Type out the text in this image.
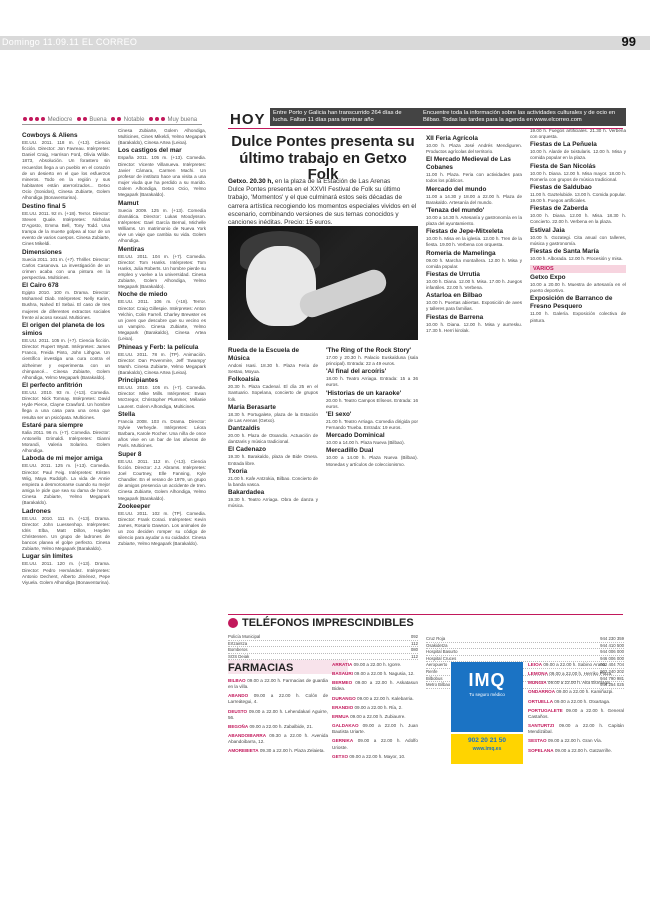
Domingo 11.09.11 EL CORREO	99
Mediocre	Buena	Notable	Muy buena
Cowboys & Aliens
EE.UU. 2011. 118 m. (+13). Ciencia ficción. Director: Jon Favreau. Intérpretes: Daniel Craig, Harrison Ford, Olivia Wilde. 1873, Absolución. Un forastero sin recuerdos llega a un pueblo en el corazón de un desierto en el que los esfuerzos mineros. Todo en la región y sus habitantes están aterrorizados... Getxo Ocio (Sonidos), Cinesa Zubiarte, Golem Alhondiga (Bonaventurina).
Destino final 5
EE.UU. 2011. 92 m. (+18). Terror. Director: Steven Quale. Intérpretes: Nicholas D'Agosto, Emma Bell, Tony Todd. Una trampa de la muerte golpea al tour de un evento de varios cuerpos. Cinesa Zubiarte, Cines Mikeldi.
Dimensiones
Suecia 2011. 101 m. (+7). Thriller. Director: Carlos Casanova. La investigación de un crimen acaba con una pintura en la perspectiva. Multicines.
El Cairo 678
Egipto 2010. 100 m. Drama. Director: Mohamed Diab. Intérpretes: Nelly Karim, Bushra, Nahed El Sebai. El caso de tres mujeres de diferentes extractos sociales frente al acoso sexual. Multicines.
El origen del planeta de los simios
EE.UU. 2011. 105 m. (+7). Ciencia ficción. Director: Rupert Wyatt. Intérpretes: James Franco, Freida Pinto, John Lithgow. Un científico investiga una cura contra el alzheimer y experimenta con un chimpancé... Cinesa Zubiarte, Golem Alhondiga, Yelmo Megapark (Barakaldo).
El perfecto anfitrión
EE.UU. 2010. 93 m. (+13). Comedia. Director: Nick Tomnay. Intérpretes: David Hyde Pierce, Clayne Crawford. Un hombre llega a una casa para una cena que resulta ser un psicópata. Multicines.
Estaré para siempre
Italia 2011. 96 m. (+7). Comedia. Director: Antonello Grimaldi. Intérpretes: Gianni Morandi, Valeria Solarino. Golem Alhondiga.
Laboda de mi mejor amiga
EE.UU. 2011. 125 m. (+13). Comedia. Director: Paul Feig. Intérpretes: Kristen Wiig, Maya Rudolph. La vida de Annie empieza a desmoronarse cuando su mejor amiga le pide que sea su dama de honor. Cinesa Zubiarte, Yelmo Megapark (Barakaldo).
Ladrones
EE.UU. 2010. 111 m. (+13). Drama. Director: John Luessenhop. Intérpretes: Idris Elba, Matt Dillon, Hayden Christensen. Un grupo de ladrones de bancos planea el golpe perfecto. Cinesa Zubiarte, Yelmo Megapark (Barakaldo).
Lugar sin límites
EE.UU. 2011. 120 m. (+13). Drama. Director: Pedro Hernández. Intérpretes: Antonio Dechent, Alberto Jiménez, Pepe Viyuela. Golem Alhondiga (Bonaventurina).
Cinesa Zubiarte, Golem Alhondiga, Multicines, Cines Mikeldi, Yelmo Megapark (Barakaldo), Cinesa Artea (Leioa).
Los castigos del mar
España 2011. 105 m. (+13). Comedia. Director: Vicente Villanueva. Intérpretes: Javier Cámara, Carmen Machi. Un profesor de instituto hace una visita a una mujer viuda que ha perdido a su marido. Golem Alhondiga, Getxo Ocio, Yelmo Megapark (Barakaldo).
Mamut
Suecia 2009. 125 m. (+13). Comedia dramática. Director: Lukas Moodysson. Intérpretes: Gael García Bernal, Michelle Williams. Un matrimonio de Nueva York vive un viaje que cambia su vida. Golem Alhondiga.
Mentiras
EE.UU. 2011. 104 m. (+7). Comedia. Director: Tom Hanks. Intérpretes: Tom Hanks, Julia Roberts. Un hombre pierde su empleo y vuelve a la universidad. Cinesa Zubiarte, Golem Alhondiga, Yelmo Megapark (Barakaldo).
Noche de miedo
EE.UU. 2011. 106 m. (+18). Terror. Director: Craig Gillespie. Intérpretes: Anton Yelchin, Colin Farrell. Charley Brewster es un joven que descubre que su vecino es un vampiro. Cinesa Zubiarte, Yelmo Megapark (Barakaldo), Cinesa Artea (Leioa).
Phineas y Ferb: la película
EE.UU. 2011. 78 m. (TP). Animación. Director: Dan Povenmire, Jeff 'Swampy' Marsh. Cinesa Zubiarte, Yelmo Megapark (Barakaldo), Cinesa Artea (Leioa).
Principiantes
EE.UU. 2010. 105 m. (+7). Comedia. Director: Mike Mills. Intérpretes: Ewan McGregor, Christopher Plummer, Mélanie Laurent. Golem Alhondiga, Multicines.
Stella
Francia 2008. 103 m. Drama. Director: Sylvie Verheyde. Intérpretes: Léora Barbara, Karole Rocher. Una niña de once años vive en un bar de las afueras de París. Multicines.
Super 8
EE.UU. 2011. 112 m. (+13). Ciencia ficción. Director: J.J. Abrams. Intérpretes: Joel Courtney, Elle Fanning, Kyle Chandler. En el verano de 1979, un grupo de amigos presencia un accidente de tren. Cinesa Zubiarte, Golem Alhondiga, Yelmo Megapark (Barakaldo).
Zookeeper
EE.UU. 2011. 102 m. (TP). Comedia. Director: Frank Coraci. Intérpretes: Kevin James, Rosario Dawson. Los animales de un zoo deciden romper su código de silencio para ayudar a su cuidador. Cinesa Zubiarte, Yelmo Megapark (Barakaldo).
HOY	Entre Porto y Galicia han transcurrido 264 días de lucha. Faltan 11 días para terminar año
Encuentre toda la información sobre las actividades culturales y de ocio en Bilbao. Todas las tardes para la agenda en www.elcorreo.com
Dulce Pontes presenta su último trabajo en Getxo Folk
Getxo. 20.30 h, en la plaza de la Estación de Las Arenas
Dulce Pontes presenta en el XXVII Festival de Folk su último trabajo, 'Momentos' y el que culminará estos seis décadas de carrera artística recogiendo los momentos especiales vividos en el escenario, combinando versiones de sus temas conocidos y canciones inéditas. Precio: 15 euros.
Rueda de la Escuela de Música
Andoni Isasi. 18.30 h. Plaza Feria de Sestao, Moyua.
Folkoalsia
20.30 h. Plaza Cadenal. El día 25 en el Santuario. Sopelana, concierto de grupos folk.
María Berasarte
18.30 h. Portugalete, plaza de la Estación de Las Arenas (Getxo).
Dantzaldis
20.00 h. Plaza de Otxandio. Actuación de dantzaris y música tradicional.
El Cadenazo
19.30 h. Barakaldo, plaza de Bide Onera. Entrada libre.
Txoria
21.00 h. Kafe Antzokia, Bilbao. Concierto de la banda vasca.
Bakardadea
19.30 h. Teatro Arriaga. Obra de danza y música.
'The Ring of the Rock Story'
17.00 y 20.30 h. Palacio Euskalduna (sala principal). Entrada: 22 a 49 euros.
'Al final del arcoíris'
18.00 h. Teatro Arriaga. Entrada: 15 a 36 euros.
'Historias de un karaoke'
20.00 h. Teatro Campos Elíseos. Entrada: 16 euros.
'El sexo'
21.00 h. Teatro Arriaga. Comedia dirigida por Fernando Trueba. Entrada: 19 euros.
Mercado Dominical
10.00 a 14.00 h. Plaza Nueva (Bilbao).
Mercadillo Dual
10.00 a 14.00 h. Plaza Nueva (Bilbao). Monedas y artículos de coleccionismo.
XII Feria Agrícola
10.00 h. Plaza José Andrés Mendiguren. Productos agrícolas del territorio.
El Mercado Medieval de Las Cobanes
11.00 h. Plaza. Feria con actividades para todos los públicos.
Mercado del mundo
11.00 a 14.30 y 18.00 a 22.00 h. Plaza de Barakaldo. Artesanía del mundo.
'Tenaza del mundo'
10.00 a 14.30 h. Artesanía y gastronomía en la plaza del ayuntamiento.
Fiestas de Jepe-Mitxeleta
10.00 h. Misa en la iglesia. 12.00 h. Tren de la fiesta. 19.00 h. Verbena con orquesta.
Romeria de Mamelinga
09.00 h. Marcha montañera. 12.00 h. Misa y comida popular.
Fiestas de Urrutia
10.00 h. Diana. 12.00 h. Misa. 17.00 h. Juegos infantiles. 22.00 h. Verbena.
Astarloa en Bilbao
10.00 h. Puertas abiertas. Exposición de aves y talleres para familias.
Fiestas de Barrena
10.00 h. Diana. 12.00 h. Misa y aurresku. 17.30 h. Herri kirolak.
19.00 h. Fuegos artificiales. 21.30 h. Verbena con orquesta.
Fiestas de La Peñuela
10.00 h. Alarde de txistularis. 12.00 h. Misa y comida popular en la plaza.
Fiesta de San Nicolás
10.00 h. Diana. 12.00 h. Misa mayor. 18.00 h. Romería con grupos de música tradicional.
Fiestas de Saldubao
11.00 h. Gaztelubide. 13.00 h. Comida popular. 19.00 h. Fuegos artificiales.
Fiestas de Zaberda
10.00 h. Diana. 12.00 h. Misa. 18.30 h. Concierto. 22.00 h. Verbena en la plaza.
Estival Jaia
10.00 h. Gozategi. Cita anual con talleres, música y gastronomía.
Fiestas de Santa María
10.00 h. Alborada. 12.00 h. Procesión y misa.
VARIOS
Getxo Expo
10.00 a 20.00 h. Muestra de artesanía en el puerto deportivo.
Exposición de Barranco de Fresno Pesquero
11.00 h. Galería. Exposición colectiva de pintura.
TELÉFONOS IMPRESCINDIBLES
Cruz Roja	944 230 359
Osakidetza	944 410 500
Hospital Basurto	944 006 000
Hospital Cruces	946 006 000
Aeropuerto	902 404 704
Renfe	902 240 202
Bilbobus	944 790 981
Metro Bilbao	944 254 025
Policía Municipal	092
Ertzaintza	112
Bomberos	080
SOS Deiak	112
FARMACIAS
BILBAO 09.00 a 22.00 h. Farmacias de guardia en la villa.
ABANDO 09.00 a 22.00 h. Colón de Larreátegui, 4.
DEUSTO 09.00 a 22.00 h. Lehendakari Aguirre, 56.
BEGOÑA 09.00 a 22.00 h. Zabalbide, 21.
ABANDOIBARRA 09.30 a 22.00 h. Avenida Abandoibarra, 12.
AMOREBIETA 09.30 a 22.00 h. Plaza Zelaieta.
ARRATIA 09.00 a 22.00 h. Igorre.
BASAURI 09.00 a 22.00 h. Nagusia, 12.
BERMEO 09.00 a 22.00 h. Askatasun Bidea.
DURANGO 09.00 a 22.00 h. Kalebarria.
ERANDIO 09.00 a 22.00 h. Ría, 2.
ERMUA 09.00 a 22.00 h. Zubiaurre.
GALDAKAO 09.00 a 22.00 h. Juan Bautista Uriarte.
GERNIKA 09.00 a 22.00 h. Adolfo Urioste.
GETXO 09.00 a 22.00 h. Mayor, 10.
LEIOA 09.00 a 22.00 h. Sabino Arana.
LEMONA 09.00 a 22.00 h. Herriko Plaza.
MUNGIA 09.00 a 22.00 h. Aita Elorriaga.
ONDARROA 09.00 a 22.00 h. Kamiñazpi.
ORTUELLA 09.00 a 22.00 h. Otxartaga.
PORTUGALETE 09.00 a 22.00 h. General Castaños.
SANTURTZI 09.00 a 22.00 h. Capitán Mendizábal.
SESTAO 09.00 a 22.00 h. Gran Vía.
SOPELANA 09.00 a 22.00 h. Gatzarriñe.
IMQ
Tu seguro médico
902 20 21 50
www.imq.es
